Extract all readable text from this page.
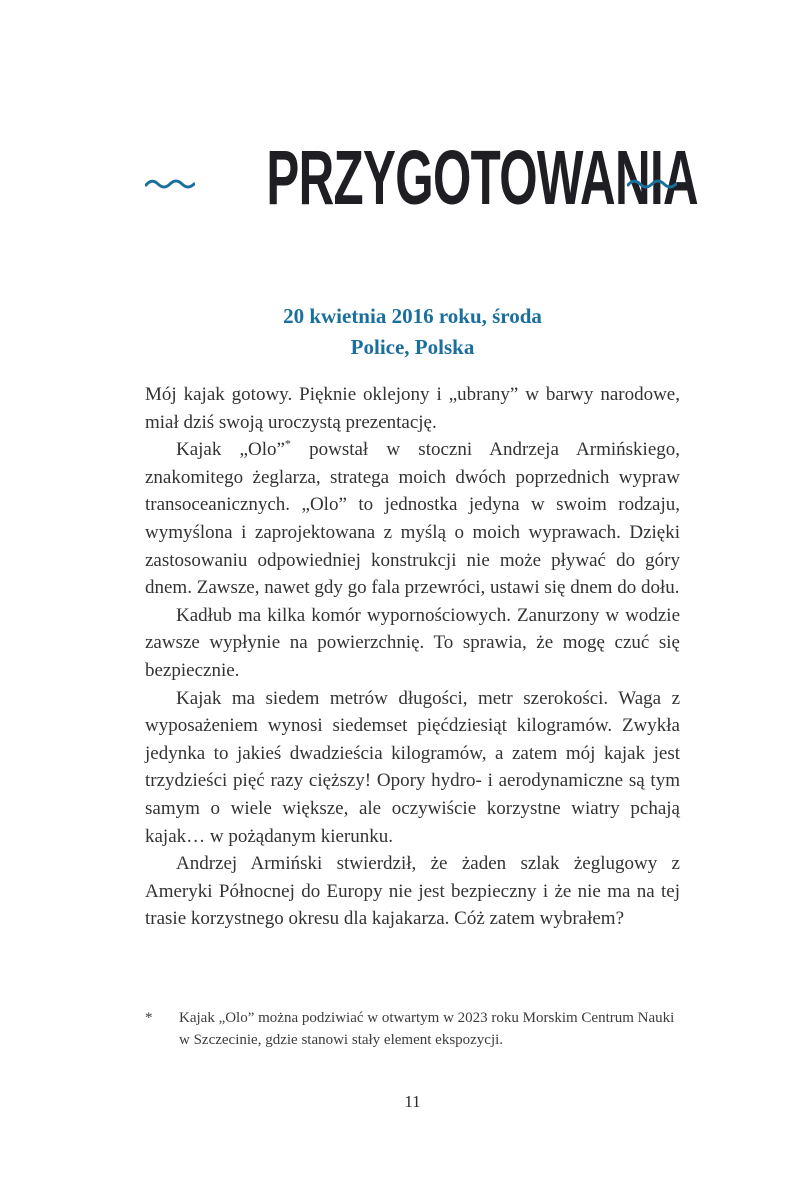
PRZYGOTOWANIA
20 kwietnia 2016 roku, środa
Police, Polska

Mój kajak gotowy. Pięknie oklejony i „ubrany” w barwy narodowe, miał dziś swoją uroczystą prezentację.

Kajak „Olo”* powstał w stoczni Andrzeja Armińskiego, znakomitego żeglarza, stratega moich dwóch poprzednich wypraw transoceanicznych. „Olo” to jednostka jedyna w swoim rodzaju, wymyślona i zaprojektowana z myślą o moich wyprawach. Dzięki zastosowaniu odpowiedniej konstrukcji nie może pływać do góry dnem. Zawsze, nawet gdy go fala przewróci, ustawi się dnem do dołu.

Kadłub ma kilka komór wypornościowych. Zanurzony w wodzie zawsze wypłynie na powierzchnię. To sprawia, że mogę czuć się bezpiecznie.

Kajak ma siedem metrów długości, metr szerokości. Waga z wyposażeniem wynosi siedemset pięćdziesiąt kilogramów. Zwykła jedynka to jakieś dwadzieścia kilogramów, a zatem mój kajak jest trzydzieści pięć razy cięższy! Opory hydro- i aerodynamiczne są tym samym o wiele większe, ale oczywiście korzystne wiatry pchają kajak… w pożądanym kierunku.

Andrzej Armiński stwierdził, że żaden szlak żeglugowy z Ameryki Północnej do Europy nie jest bezpieczny i że nie ma na tej trasie korzystnego okresu dla kajakarza. Cóż zatem wybrałem?

*	Kajak „Olo” można podziwiać w otwartym w 2023 roku Morskim Centrum Nauki w Szczecinie, gdzie stanowi stały element ekspozycji.
11
